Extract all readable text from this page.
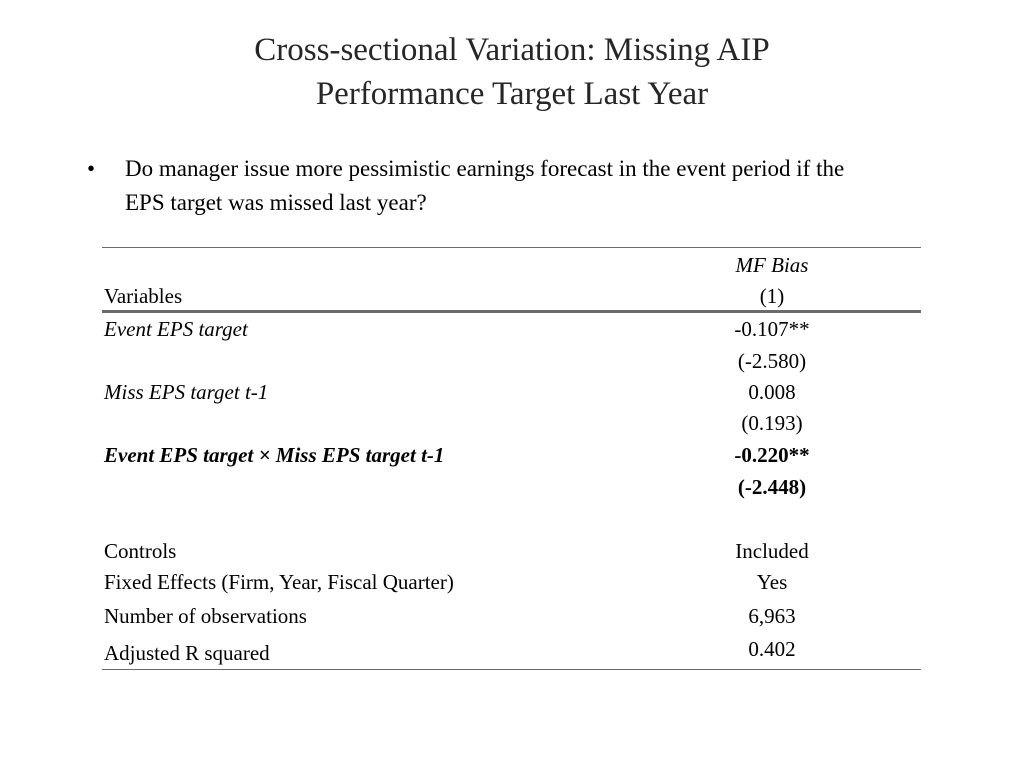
Cross-sectional Variation: Missing AIP
Performance Target Last Year
• Do manager issue more pessimistic earnings forecast in the event period if the EPS target was missed last year?
MF Bias
Variables	(1)
Event EPS target	-0.107**
(-2.580)
Miss EPS target t-1	0.008
(0.193)
Event EPS target × Miss EPS target t-1	-0.220**
(-2.448)
Controls	Included
Fixed Effects (Firm, Year, Fiscal Quarter)	Yes
Number of observations	6,963
Adjusted R squared	0.402
